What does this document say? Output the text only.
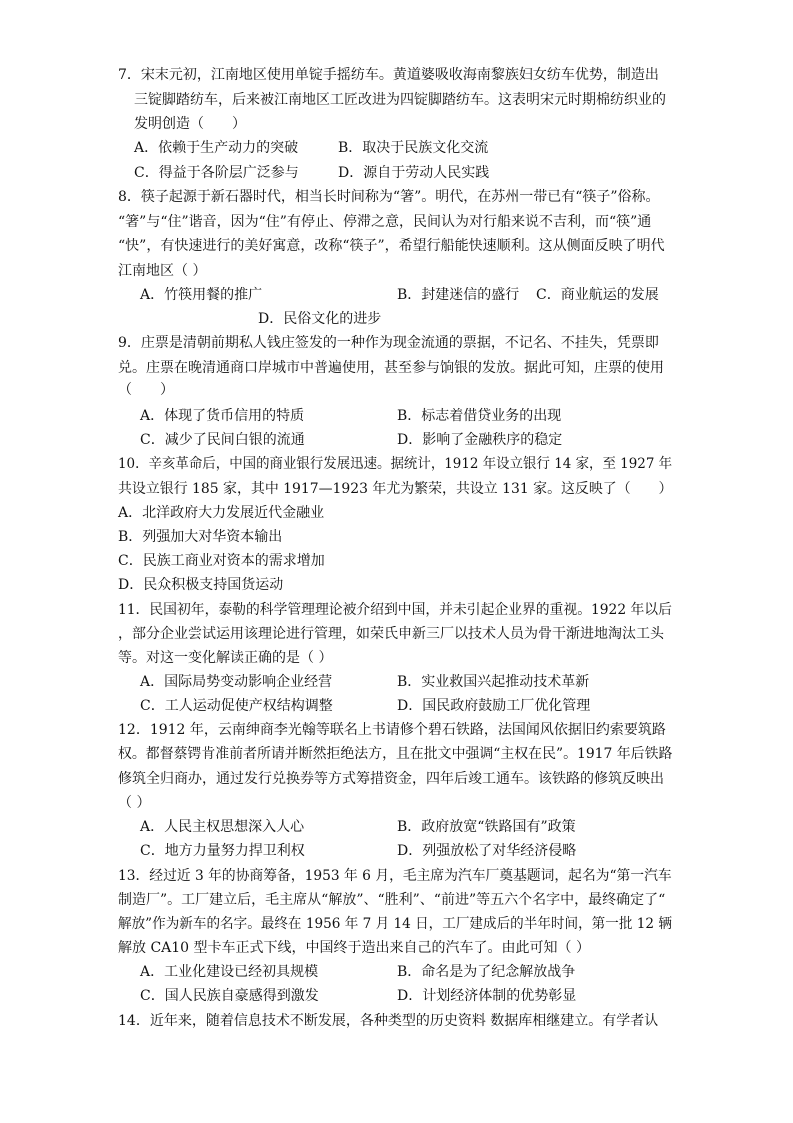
7．宋末元初，江南地区使用单锭手摇纺车。黄道婆吸收海南黎族妇女纺车优势，制造出
三锭脚踏纺车，后来被江南地区工匠改进为四锭脚踏纺车。这表明宋元时期棉纺织业的
发明创造（　　）
A．依赖于生产动力的突破	B．取决于民族文化交流
C．得益于各阶层广泛参与	D．源自于劳动人民实践
8．筷子起源于新石器时代，相当长时间称为“箸”。明代，在苏州一带已有“筷子”俗称。
“箸”与“住”谐音，因为“住”有停止、停滞之意，民间认为对行船来说不吉利，而“筷”通
“快”，有快速进行的美好寓意，改称“筷子”，希望行船能快速顺利。这从侧面反映了明代
江南地区（ ）
A．竹筷用餐的推广	B．封建迷信的盛行 C．商业航运的发展
D．民俗文化的进步
9．庄票是清朝前期私人钱庄签发的一种作为现金流通的票据，不记名、不挂失，凭票即
兑。庄票在晚清通商口岸城市中普遍使用，甚至参与饷银的发放。据此可知，庄票的使用
（　　）
A．体现了货币信用的特质	B．标志着借贷业务的出现
C．减少了民间白银的流通	D．影响了金融秩序的稳定
10．辛亥革命后，中国的商业银行发展迅速。据统计，1912 年设立银行 14 家，至 1927 年
共设立银行 185 家，其中 1917—1923 年尤为繁荣，共设立 131 家。这反映了（　　）
A．北洋政府大力发展近代金融业
B．列强加大对华资本输出
C．民族工商业对资本的需求增加
D．民众积极支持国货运动
11．民国初年，泰勒的科学管理理论被介绍到中国，并未引起企业界的重视。1922 年以后
，部分企业尝试运用该理论进行管理，如荣氏申新三厂以技术人员为骨干渐进地淘汰工头
等。对这一变化解读正确的是（ ）
A．国际局势变动影响企业经营	B．实业救国兴起推动技术革新
C．工人运动促使产权结构调整	D．国民政府鼓励工厂优化管理
12．1912 年，云南绅商李光翰等联名上书请修个碧石铁路，法国闻风依据旧约索要筑路
权。都督蔡锷肯准前者所请并断然拒绝法方，且在批文中强调“主权在民”。1917 年后铁路
修筑全归商办，通过发行兑换券等方式筹措资金，四年后竣工通车。该铁路的修筑反映出
（ ）
A．人民主权思想深入人心	B．政府放宽“铁路国有”政策
C．地方力量努力捍卫利权	D．列强放松了对华经济侵略
13．经过近 3 年的协商筹备，1953 年 6 月，毛主席为汽车厂奠基题词，起名为“第一汽车
制造厂”。工厂建立后，毛主席从“解放”、“胜利”、“前进”等五六个名字中，最终确定了“
解放”作为新车的名字。最终在 1956 年 7 月 14 日，工厂建成后的半年时间，第一批 12 辆
解放 CA10 型卡车正式下线，中国终于造出来自己的汽车了。由此可知（ ）
A．工业化建设已经初具规模	B．命名是为了纪念解放战争
C．国人民族自豪感得到激发	D．计划经济体制的优势彰显
14．近年来，随着信息技术不断发展，各种类型的历史资料 数据库相继建立。有学者认
